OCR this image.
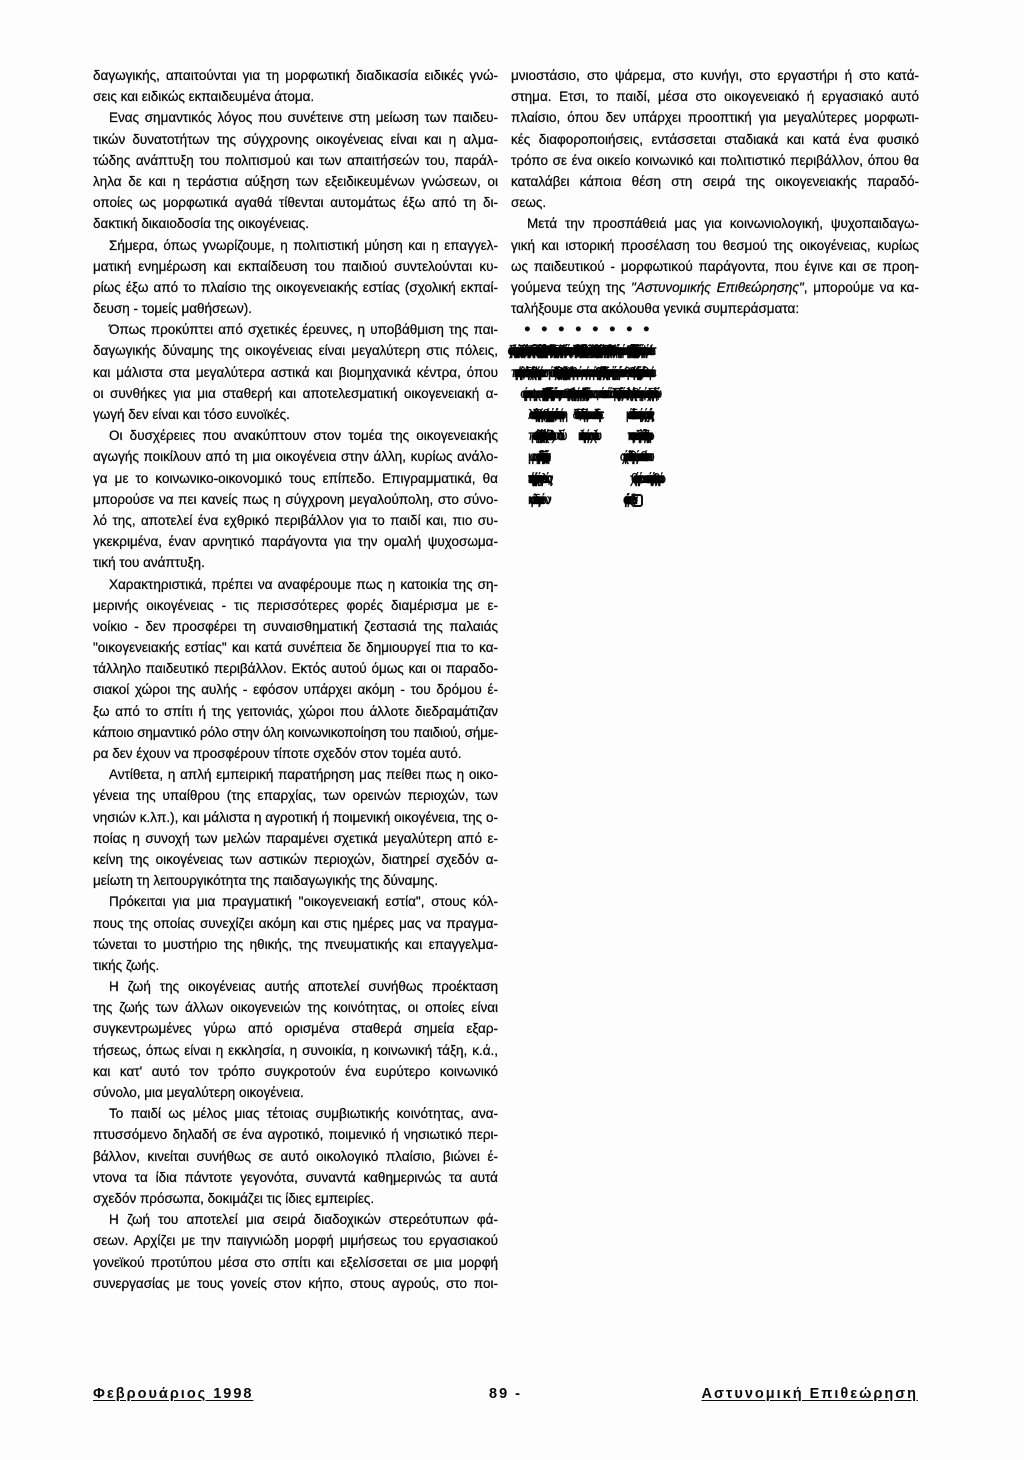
δαγωγικής, απαιτούνται για τη μορφωτική διαδικασία ειδικές γνώ-
σεις και ειδικώς εκπαιδευμένα άτομα.
Ενας σημαντικός λόγος που συνέτεινε στη μείωση των παιδευ-
τικών δυνατοτήτων της σύγχρονης οικογένειας είναι και η αλμα-
τώδης ανάπτυξη του πολιτισμού και των απαιτήσεών του, παράλ-
ληλα δε και η τεράστια αύξηση των εξειδικευμένων γνώσεων, οι
οποίες ως μορφωτικά αγαθά τίθενται αυτομάτως έξω από τη δι-
δακτική δικαιοδοσία της οικογένειας.
Σήμερα, όπως γνωρίζουμε, η πολιτιστική μύηση και η επαγγελ-
ματική ενημέρωση και εκπαίδευση του παιδιού συντελούνται κυ-
ρίως έξω από το πλαίσιο της οικογενειακής εστίας (σχολική εκπαί-
δευση - τομείς μαθήσεων).
Όπως προκύπτει από σχετικές έρευνες, η υποβάθμιση της παι-
δαγωγικής δύναμης της οικογένειας είναι μεγαλύτερη στις πόλεις,
και μάλιστα στα μεγαλύτερα αστικά και βιομηχανικά κέντρα, όπου
οι συνθήκες για μια σταθερή και αποτελεσματική οικογενειακή α-
γωγή δεν είναι και τόσο ευνοϊκές.
Οι δυσχέρειες που ανακύπτουν στον τομέα της οικογενειακής
αγωγής ποικίλουν από τη μια οικογένεια στην άλλη, κυρίως ανάλο-
γα με το κοινωνικο-οικονομικό τους επίπεδο. Επιγραμματικά, θα
μπορούσε να πει κανείς πως η σύγχρονη μεγαλούπολη, στο σύνο-
λό της, αποτελεί ένα εχθρικό περιβάλλον για το παιδί και, πιο συ-
γκεκριμένα, έναν αρνητικό παράγοντα για την ομαλή ψυχοσωμα-
τική του ανάπτυξη.
Χαρακτηριστικά, πρέπει να αναφέρουμε πως η κατοικία της ση-
μερινής οικογένειας - τις περισσότερες φορές διαμέρισμα με ε-
νοίκιο - δεν προσφέρει τη συναισθηματική ζεστασιά της παλαιάς
"οικογενειακής εστίας" και κατά συνέπεια δε δημιουργεί πια το κα-
τάλληλο παιδευτικό περιβάλλον. Εκτός αυτού όμως και οι παραδο-
σιακοί χώροι της αυλής - εφόσον υπάρχει ακόμη - του δρόμου έ-
ξω από το σπίτι ή της γειτονιάς, χώροι που άλλοτε διεδραμάτιζαν
κάποιο σημαντικό ρόλο στην όλη κοινωνικοποίηση του παιδιού, σήμε-
ρα δεν έχουν να προσφέρουν τίποτε σχεδόν στον τομέα αυτό.
Αντίθετα, η απλή εμπειρική παρατήρηση μας πείθει πως η οικο-
γένεια της υπαίθρου (της επαρχίας, των ορεινών περιοχών, των
νησιών κ.λπ.), και μάλιστα η αγροτική ή ποιμενική οικογένεια, της ο-
ποίας η συνοχή των μελών παραμένει σχετικά μεγαλύτερη από ε-
κείνη της οικογένειας των αστικών περιοχών, διατηρεί σχεδόν α-
μείωτη τη λειτουργικότητα της παιδαγωγικής της δύναμης.
Πρόκειται για μια πραγματική "οικογενειακή εστία", στους κόλ-
πους της οποίας συνεχίζει ακόμη και στις ημέρες μας να πραγμα-
τώνεται το μυστήριο της ηθικής, της πνευματικής και επαγγελμα-
τικής ζωής.
Η ζωή της οικογένειας αυτής αποτελεί συνήθως προέκταση
της ζωής των άλλων οικογενειών της κοινότητας, οι οποίες είναι
συγκεντρωμένες γύρω από ορισμένα σταθερά σημεία εξαρ-
τήσεως, όπως είναι η εκκλησία, η συνοικία, η κοινωνική τάξη, κ.ά.,
και κατ' αυτό τον τρόπο συγκροτούν ένα ευρύτερο κοινωνικό
σύνολο, μια μεγαλύτερη οικογένεια.
Το παιδί ως μέλος μιας τέτοιας συμβιωτικής κοινότητας, ανα-
πτυσσόμενο δηλαδή σε ένα αγροτικό, ποιμενικό ή νησιωτικό περι-
βάλλον, κινείται συνήθως σε αυτό οικολογικό πλαίσιο, βιώνει έ-
ντονα τα ίδια πάντοτε γεγονότα, συναντά καθημερινώς τα αυτά
σχεδόν πρόσωπα, δοκιμάζει τις ίδιες εμπειρίες.
Η ζωή του αποτελεί μια σειρά διαδοχικών στερεότυπων φά-
σεων. Αρχίζει με την παιγνιώδη μορφή μιμήσεως του εργασιακού
γονεϊκού προτύπου μέσα στο σπίτι και εξελίσσεται σε μια μορφή
συνεργασίας με τους γονείς στον κήπο, στους αγρούς, στο ποι-
μνιοστάσιο, στο ψάρεμα, στο κυνήγι, στο εργαστήρι ή στο κατά-
στημα. Ετσι, το παιδί, μέσα στο οικογενειακό ή εργασιακό αυτό
πλαίσιο, όπου δεν υπάρχει προοπτική για μεγαλύτερες μορφωτι-
κές διαφοροποιήσεις, εντάσσεται σταδιακά και κατά ένα φυσικό
τρόπο σε ένα οικείο κοινωνικό και πολιτιστικό περιβάλλον, όπου θα
καταλάβει κάποια θέση στη σειρά της οικογενειακής παραδό-
σεως.
Μετά την προσπάθειά μας για κοινωνιολογική, ψυχοπαιδαγω-
γική και ιστορική προσέλαση του θεσμού της οικογένειας, κυρίως
ως παιδευτικού - μορφωτικού παράγοντα, που έγινε και σε προη-
γούμενα τεύχη της "Αστυνομικής Επιθεώρησης", μπορούμε να κα-
ταλήξουμε στα ακόλουθα γενικά συμπεράσματα:
●
της ψυχοδυναμικής της, διαμορφώνεται - σχεδόν οριστικά - ο
πυρήνας της προσωπικότητας του νέου ανθρώπου.
●
το απαραίτητο συναισθηματικό κλίμα ("κοινότητα αγάπης"), μέσα
στο οποίο είναι δυνατό να επιτευχθεί η συναισθηματική ωρίμανση
και η ισόρροπη ψυχοσωματική ανάπτυξη του παιδιού. Το περιβάλ-
λον αυτό δημιουργεί τις κατάλληλες συνθήκες για την επιτυχία της
πρώτης αγωγής του παιδιού. Ο βαθμός επιτυχίας του πολλαπλού
μορφωτικού έργου της οικογένειας εξαρτάται ειδικότερα από την
ενότητα, την ψυχική υγεία και την πνευματικότητα των μελών της,
κυρίως δε των γονέων.
●
παιδί γνώσεις, μεταδίδονται πληροφορίες, ασκούνται και ανα-
πτύσσονται οι δεξιότητές του (αισθησιο - κινητικές, γλωσσικές,
νοητικές - γνωστικές κ.ά.), διαμορφώνονται οι τρόποι της συμπε-
ριφοράς του και πραγματοποιείται η πρώτη κοινωνικοποίηση
(socialisation) του παιδιού.
●
κάποιας κοσμοθεωρίας, διδάσκουν σ' αυτό ορισμένες ηθικές α-
ντιλήψεις (ηθική αγωγή / moralisation), ενώ παράλληλα το μυούν
στη Θρησκευτική τους πίστη (Θρησκευτική αγωγή).
●
σχολική ηλικία και ολοκληρώνεται στην εφηβεία η σεξουαλική α-
γωγή του αναπτυσσόμενου ανθρώπου (παιδιού - εφήβου). Πρόκει-
ται για μια σημαντική παιδευτική διαδικασία, την οποία, όπως υπο-
στηρίζουν οι ειδικοί, δεν είναι δυνατό να υποκαταστήσει η διδα-
κτική λειτουργία του σχολείου.
●
γενειακό του περιβάλλον θα εξαρτηθεί σε μεγάλο βαθμό η μετα-
γενέστερη κοινωνική του συμπεριφορά και η εν γένει στάση του α-
πέναντι στο κοινωνικό σύνολο.
●
στην προσωπικότητα του παιδιού βαθιές μεταβολές, οι οποίες πα-
ραμένουν συνήθως αναλλοίωτες και ανεπηρέαστες από τις ε-
ξωτερικές επιδράσεις και τις μεταγενέστερες κοινωνικές αλλαγές.
●
της κοινωνίας, στην οποία ανήκει, και το βοηθά να προσαρμοστεί
σ' αυτόν. Υπ' αυτή την έννοια, η οικογένεια πρέπει να θεωρείται
στοιχείο σταθερότητας και φορέας συντηρητισμού, διότι διοχε-
τεύει στο παιδί και μέσω αυτού στις επερχόμενες γενεές την έν-
νοια της παραδόσεως. Η οικογένεια με αυτό τον τρόπο δημιουρ-
γεί στο παιδί ένα ισχυρό συναίσθημα, πάνω στο οποίο θα αναπτυ-
χθούν αργότερα οι προσωπικές απόψεις, η κοσμοθεωρία και η ι-
Φεβρουάριος 1998	89 -	Αστυνομική Επιθεώρηση
